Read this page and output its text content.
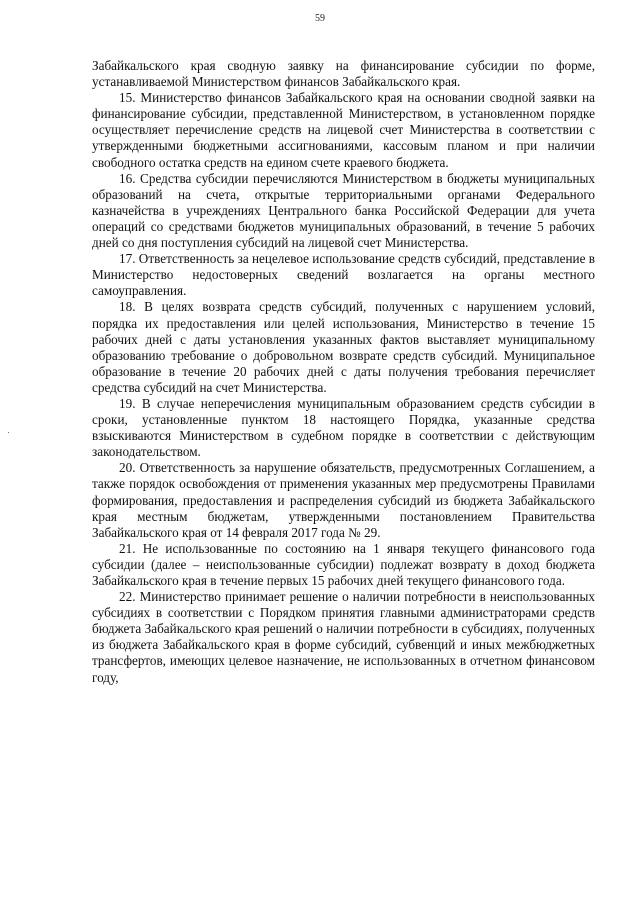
59

Забайкальского края сводную заявку на финансирование субсидии по форме, устанавливаемой Министерством финансов Забайкальского края.

15. Министерство финансов Забайкальского края на основании сводной заявки на финансирование субсидии, представленной Министерством, в установленном порядке осуществляет перечисление средств на лицевой счет Министерства в соответствии с утвержденными бюджетными ассигнованиями, кассовым планом и при наличии свободного остатка средств на едином счете краевого бюджета.

16. Средства субсидии перечисляются Министерством в бюджеты муниципальных образований на счета, открытые территориальными органами Федерального казначейства в учреждениях Центрального банка Российской Федерации для учета операций со средствами бюджетов муниципальных образований, в течение 5 рабочих дней со дня поступления субсидий на лицевой счет Министерства.

17. Ответственность за нецелевое использование средств субсидий, представление в Министерство недостоверных сведений возлагается на органы местного самоуправления.

18. В целях возврата средств субсидий, полученных с нарушением условий, порядка их предоставления или целей использования, Министерство в течение 15 рабочих дней с даты установления указанных фактов выставляет муниципальному образованию требование о добровольном возврате средств субсидий. Муниципальное образование в течение 20 рабочих дней с даты получения требования перечисляет средства субсидий на счет Министерства.

19. В случае неперечисления муниципальным образованием средств субсидии в сроки, установленные пунктом 18 настоящего Порядка, указанные средства взыскиваются Министерством в судебном порядке в соответствии с действующим законодательством.

20. Ответственность за нарушение обязательств, предусмотренных Соглашением, а также порядок освобождения от применения указанных мер предусмотрены Правилами формирования, предоставления и распределения субсидий из бюджета Забайкальского края местным бюджетам, утвержденными постановлением Правительства Забайкальского края от 14 февраля 2017 года № 29.

21. Не использованные по состоянию на 1 января текущего финансового года субсидии (далее – неиспользованные субсидии) подлежат возврату в доход бюджета Забайкальского края в течение первых 15 рабочих дней текущего финансового года.

22. Министерство принимает решение о наличии потребности в неиспользованных субсидиях в соответствии с Порядком принятия главными администраторами средств бюджета Забайкальского края решений о наличии потребности в субсидиях, полученных из бюджета Забайкальского края в форме субсидий, субвенций и иных межбюджетных трансфертов, имеющих целевое назначение, не использованных в отчетном финансовом году,
